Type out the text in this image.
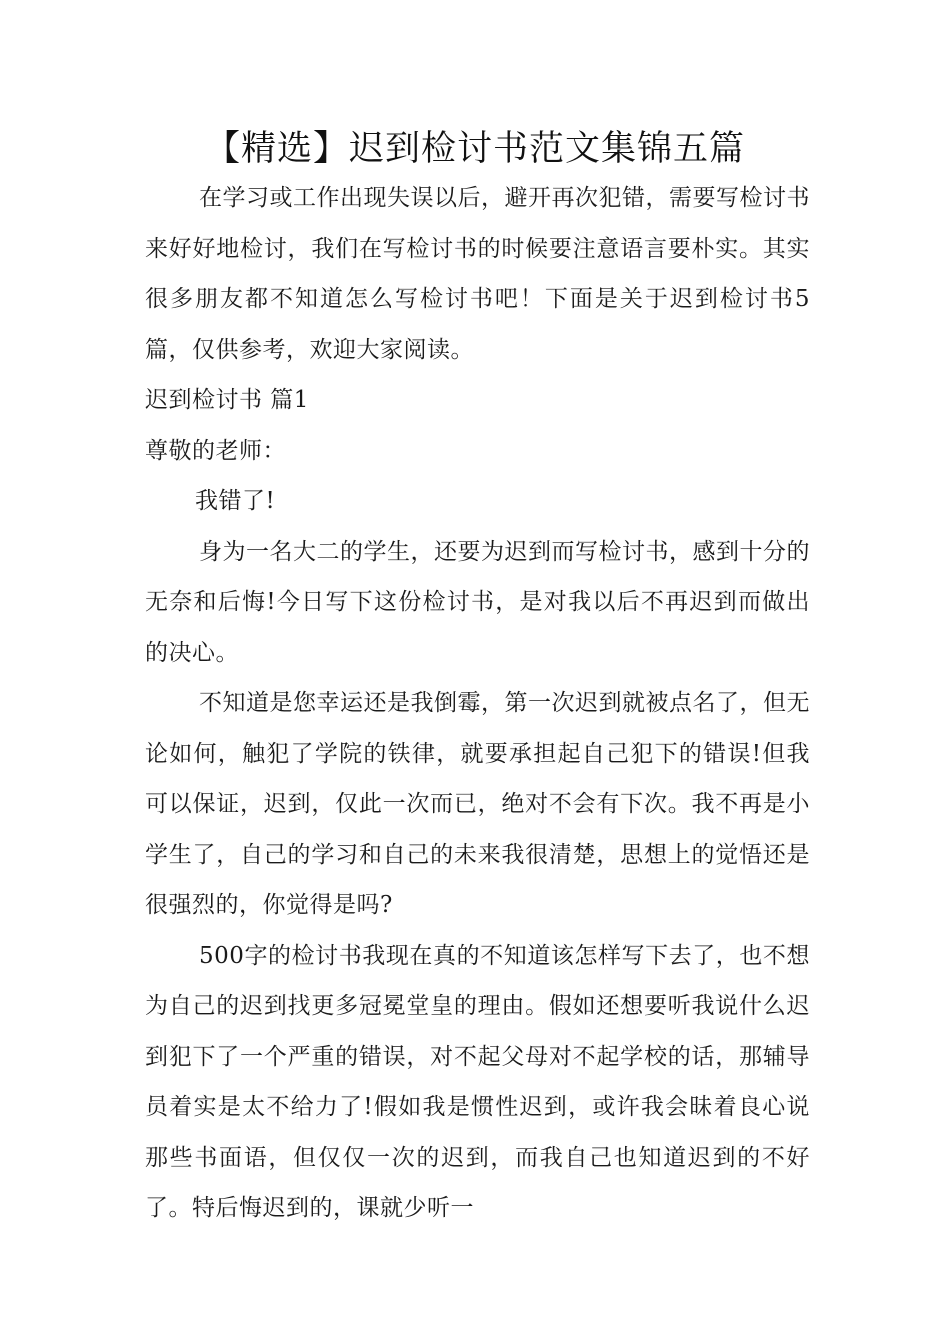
【精选】迟到检讨书范文集锦五篇

在学习或工作出现失误以后，避开再次犯错，需要写检讨书来好好地检讨，我们在写检讨书的时候要注意语言要朴实。其实很多朋友都不知道怎么写检讨书吧！下面是关于迟到检讨书5篇，仅供参考，欢迎大家阅读。

迟到检讨书 篇1

尊敬的老师：

我错了!

身为一名大二的学生，还要为迟到而写检讨书，感到十分的无奈和后悔!今日写下这份检讨书，是对我以后不再迟到而做出的决心。

不知道是您幸运还是我倒霉，第一次迟到就被点名了，但无论如何，触犯了学院的铁律，就要承担起自己犯下的错误!但我可以保证，迟到，仅此一次而已，绝对不会有下次。我不再是小学生了，自己的学习和自己的未来我很清楚，思想上的觉悟还是很强烈的，你觉得是吗?

500字的检讨书我现在真的不知道该怎样写下去了，也不想为自己的迟到找更多冠冕堂皇的理由。假如还想要听我说什么迟到犯下了一个严重的错误，对不起父母对不起学校的话，那辅导员着实是太不给力了!假如我是惯性迟到，或许我会昧着良心说那些书面语，但仅仅一次的迟到，而我自己也知道迟到的不好了。特后悔迟到的，课就少听一
